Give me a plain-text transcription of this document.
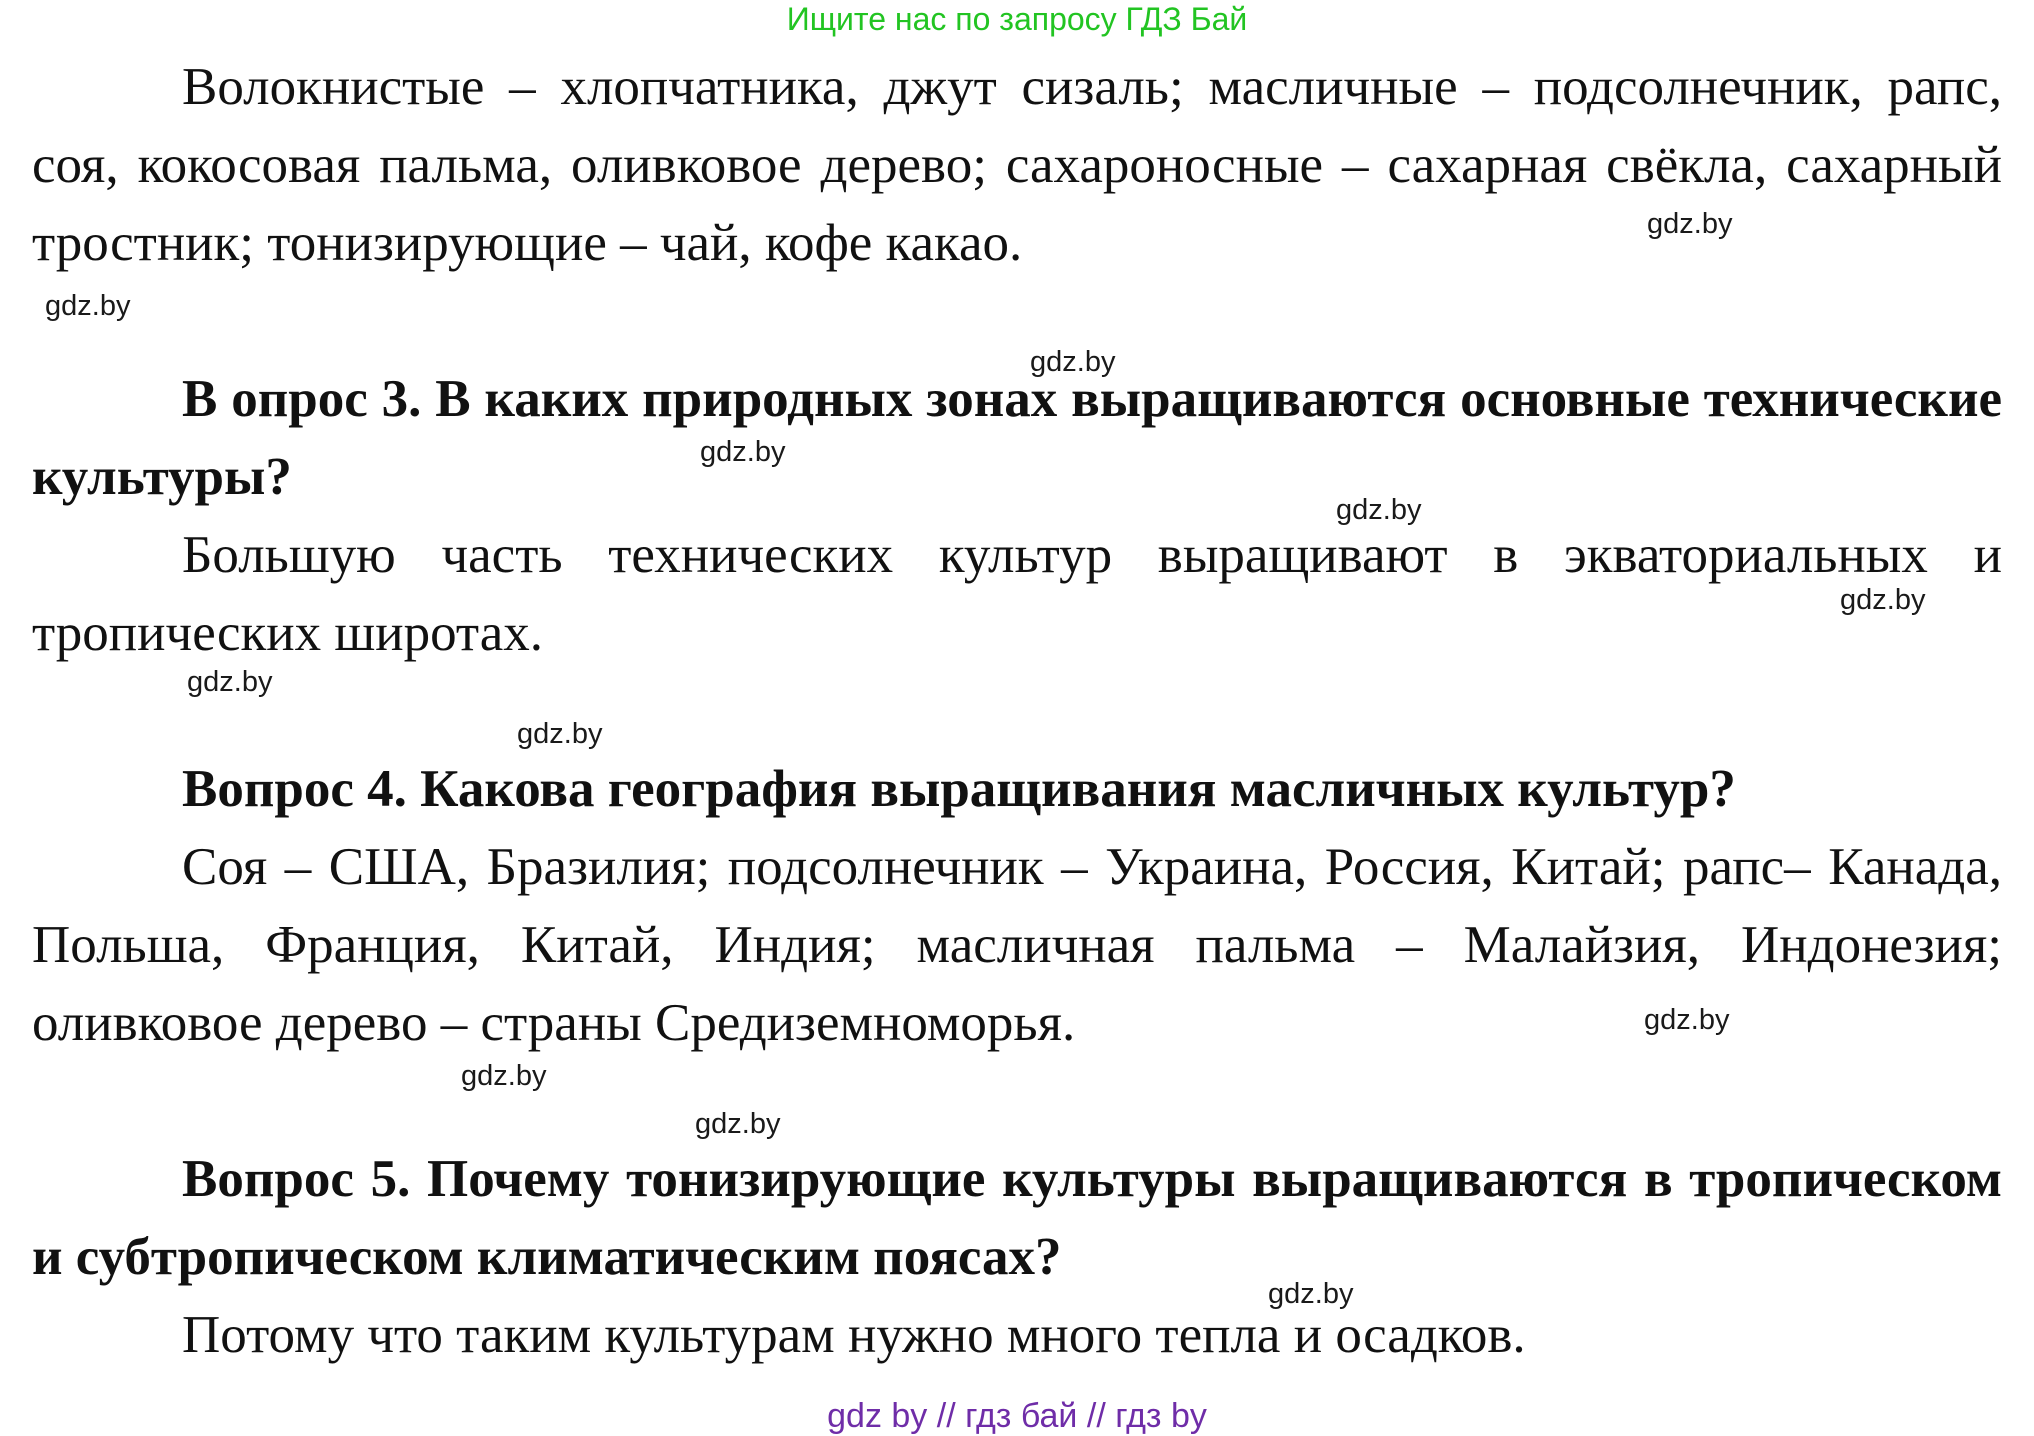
Ищите нас по запросу ГДЗ Бай

Волокнистые – хлопчатника, джут сизаль; масличные – подсолнечник, рапс, соя, кокосовая пальма, оливковое дерево; сахароносные – сахарная свёкла, сахарный тростник; тонизирующие – чай, кофе какао.

В опрос 3. В каких природных зонах выращиваются основные технические культуры?

Большую часть технических культур выращивают в экваториальных и тропических широтах.

Вопрос 4. Какова география выращивания масличных культур?

Соя – США, Бразилия; подсолнечник – Украина, Россия, Китай; рапс– Канада, Польша, Франция, Китай, Индия; масличная пальма – Малайзия, Индонезия; оливковое дерево – страны Средиземноморья.

Вопрос 5. Почему тонизирующие культуры выращиваются в тропическом и субтропическом климатическим поясах?

Потому что таким культурам нужно много тепла и осадков.

gdz.by
gdz.by
gdz.by
gdz.by
gdz.by
gdz.by
gdz.by
gdz.by
gdz.by
gdz.by
gdz.by
gdz.by
gdz by // гдз бай // гдз by
